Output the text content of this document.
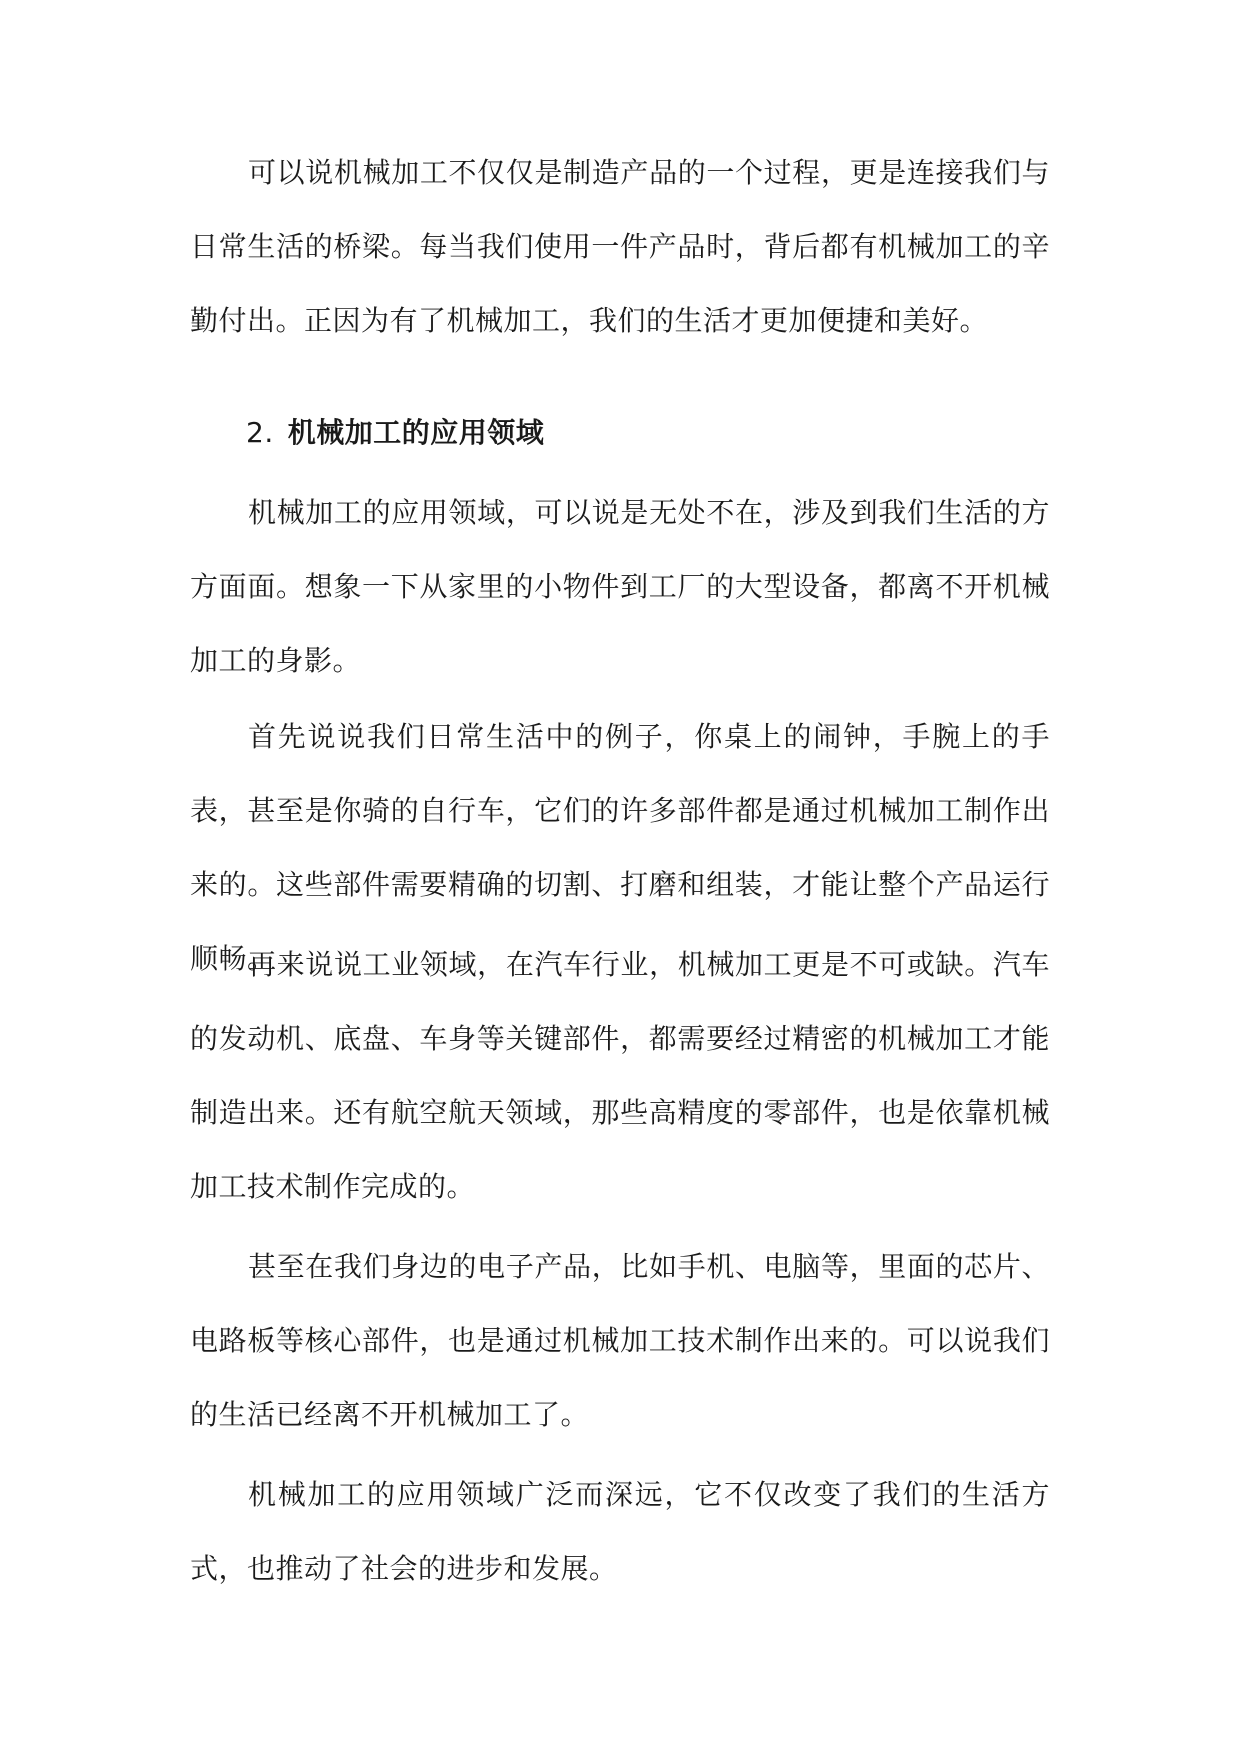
可以说机械加工不仅仅是制造产品的一个过程，更是连接我们与日常生活的桥梁。每当我们使用一件产品时，背后都有机械加工的辛勤付出。正因为有了机械加工，我们的生活才更加便捷和美好。

2. 机械加工的应用领域

机械加工的应用领域，可以说是无处不在，涉及到我们生活的方方面面。想象一下从家里的小物件到工厂的大型设备，都离不开机械加工的身影。

首先说说我们日常生活中的例子，你桌上的闹钟，手腕上的手表，甚至是你骑的自行车，它们的许多部件都是通过机械加工制作出来的。这些部件需要精确的切割、打磨和组装，才能让整个产品运行顺畅。

再来说说工业领域，在汽车行业，机械加工更是不可或缺。汽车的发动机、底盘、车身等关键部件，都需要经过精密的机械加工才能制造出来。还有航空航天领域，那些高精度的零部件，也是依靠机械加工技术制作完成的。

甚至在我们身边的电子产品，比如手机、电脑等，里面的芯片、电路板等核心部件，也是通过机械加工技术制作出来的。可以说我们的生活已经离不开机械加工了。

机械加工的应用领域广泛而深远，它不仅改变了我们的生活方式，也推动了社会的进步和发展。
